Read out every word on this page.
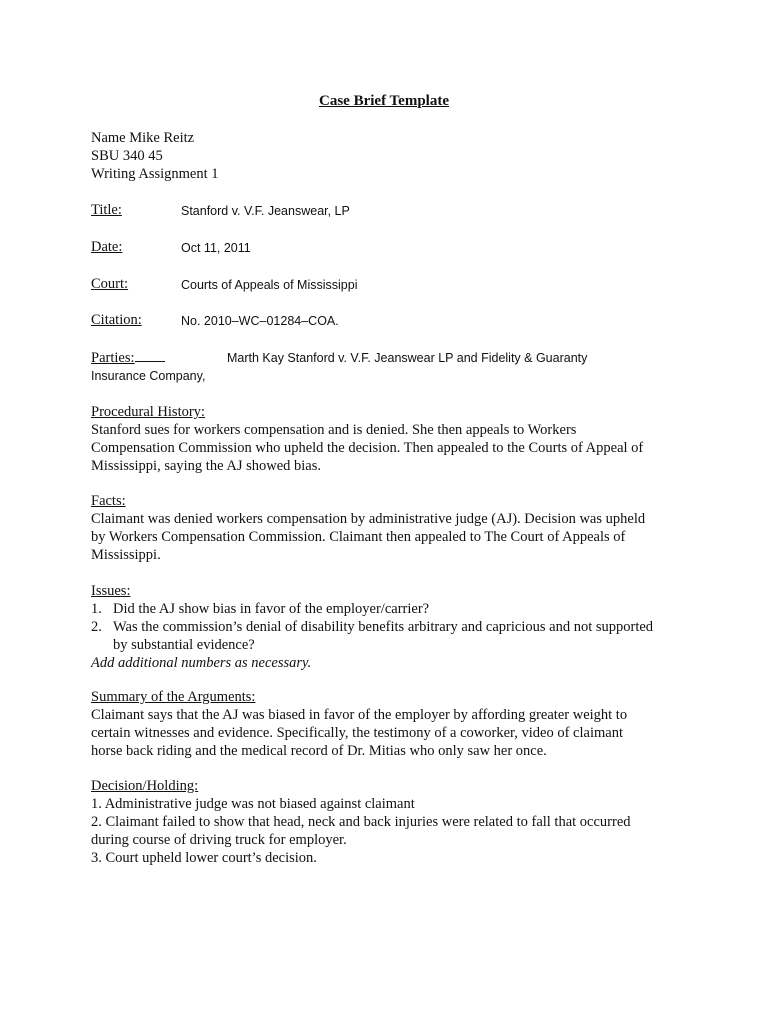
Case Brief Template
Name Mike Reitz
SBU 340 45
Writing Assignment 1
Title:	Stanford v. V.F. Jeanswear, LP
Date:	Oct 11, 2011
Court:	Courts of Appeals of Mississippi
Citation:	No. 2010–WC–01284–COA.
Parties:	Marth Kay Stanford v. V.F. Jeanswear LP and Fidelity & Guaranty
Insurance Company,
Procedural History:

Stanford sues for workers compensation and is denied. She then appeals to Workers

Compensation Commission who upheld the decision. Then appealed to the Courts of Appeal of

Mississippi, saying the AJ showed bias.

Facts:

Claimant was denied workers compensation by administrative judge (AJ). Decision was upheld

by Workers Compensation Commission. Claimant then appealed to The Court of Appeals of

Mississippi.

Issues:
1. Did the AJ show bias in favor of the employer/carrier?
2. Was the commission’s denial of disability benefits arbitrary and capricious and not supported
by substantial evidence?

Add additional numbers as necessary.

Summary of the Arguments:

Claimant says that the AJ was biased in favor of the employer by affording greater weight to

certain witnesses and evidence. Specifically, the testimony of a coworker, video of claimant

horse back riding and the medical record of Dr. Mitias who only saw her once.

Decision/Holding:

1. Administrative judge was not biased against claimant

2. Claimant failed to show that head, neck and back injuries were related to fall that occurred

during course of driving truck for employer.

3. Court upheld lower court’s decision.
